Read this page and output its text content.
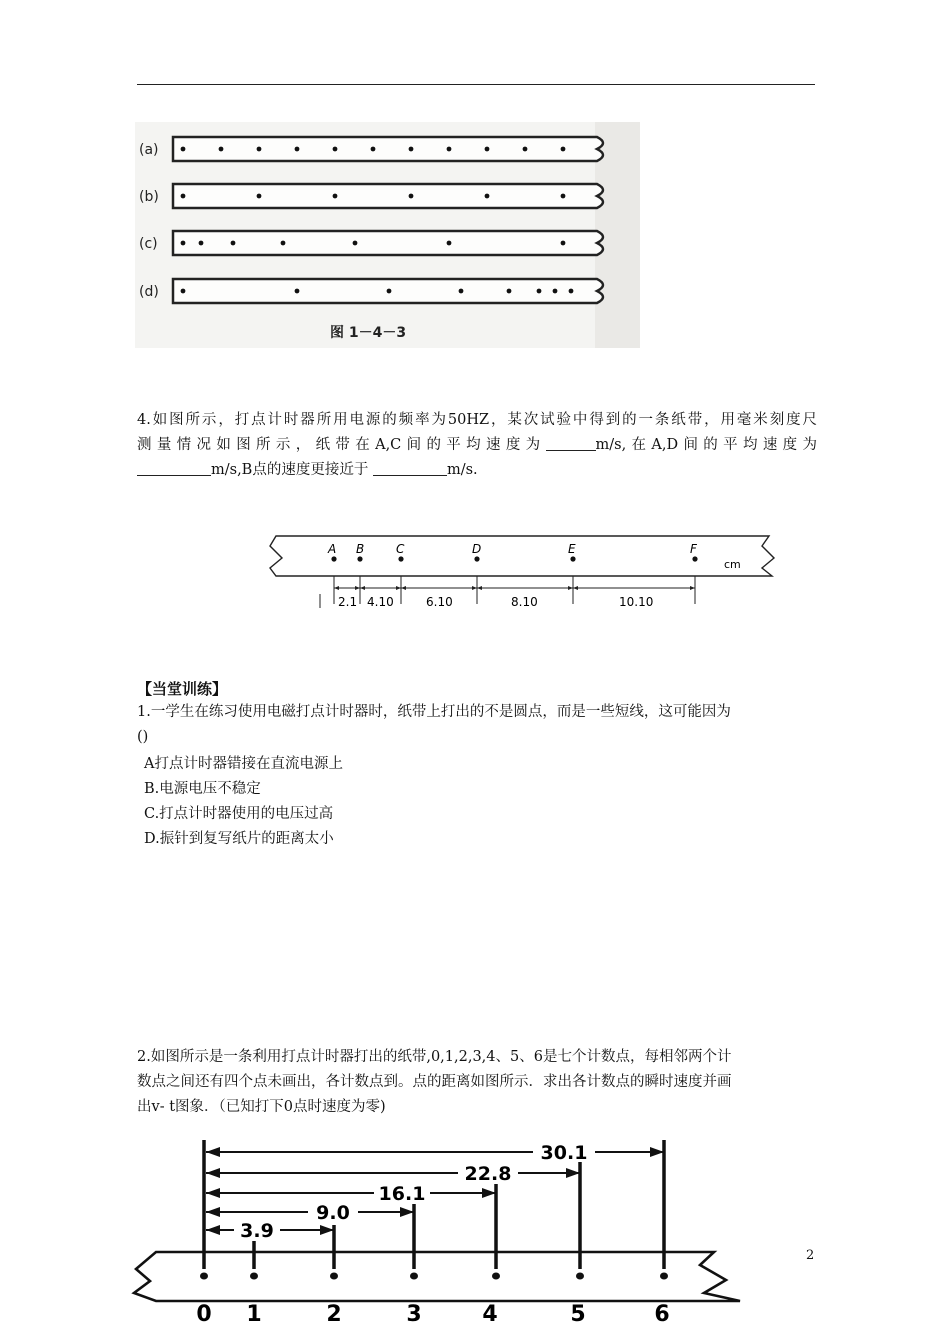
(a)
(b)
(c)
(d)
图 1－4－3
4.如图所示，打点计时器所用电源的频率为50HZ，某次试验中得到的一条纸带，用毫米刻度尺
测量情况如图所示，纸带在A,C间的平均速度为	m/s,在A,D间的平均速度为
m/s,B点的速度更接近于	m/s.
A B	C	D	E	F
cm
2.1 4.10	6.10	8.10	10.10
【当堂训练】
1.一学生在练习使用电磁打点计时器时，纸带上打出的不是圆点，而是一些短线，这可能因为
()
A打点计时器错接在直流电源上
B.电源电压不稳定
C.打点计时器使用的电压过高
D.振针到复写纸片的距离太小
2.如图所示是一条利用打点计时器打出的纸带,0,1,2,3,4、5、6是七个计数点，每相邻两个计
数点之间还有四个点未画出，各计数点到。点的距离如图所示．求出各计数点的瞬时速度并画
出v- t图象．（已知打下0点时速度为零)
30.1
22.8
16.1
9.0
3.9
0 1	2	3	4	5	6
2
